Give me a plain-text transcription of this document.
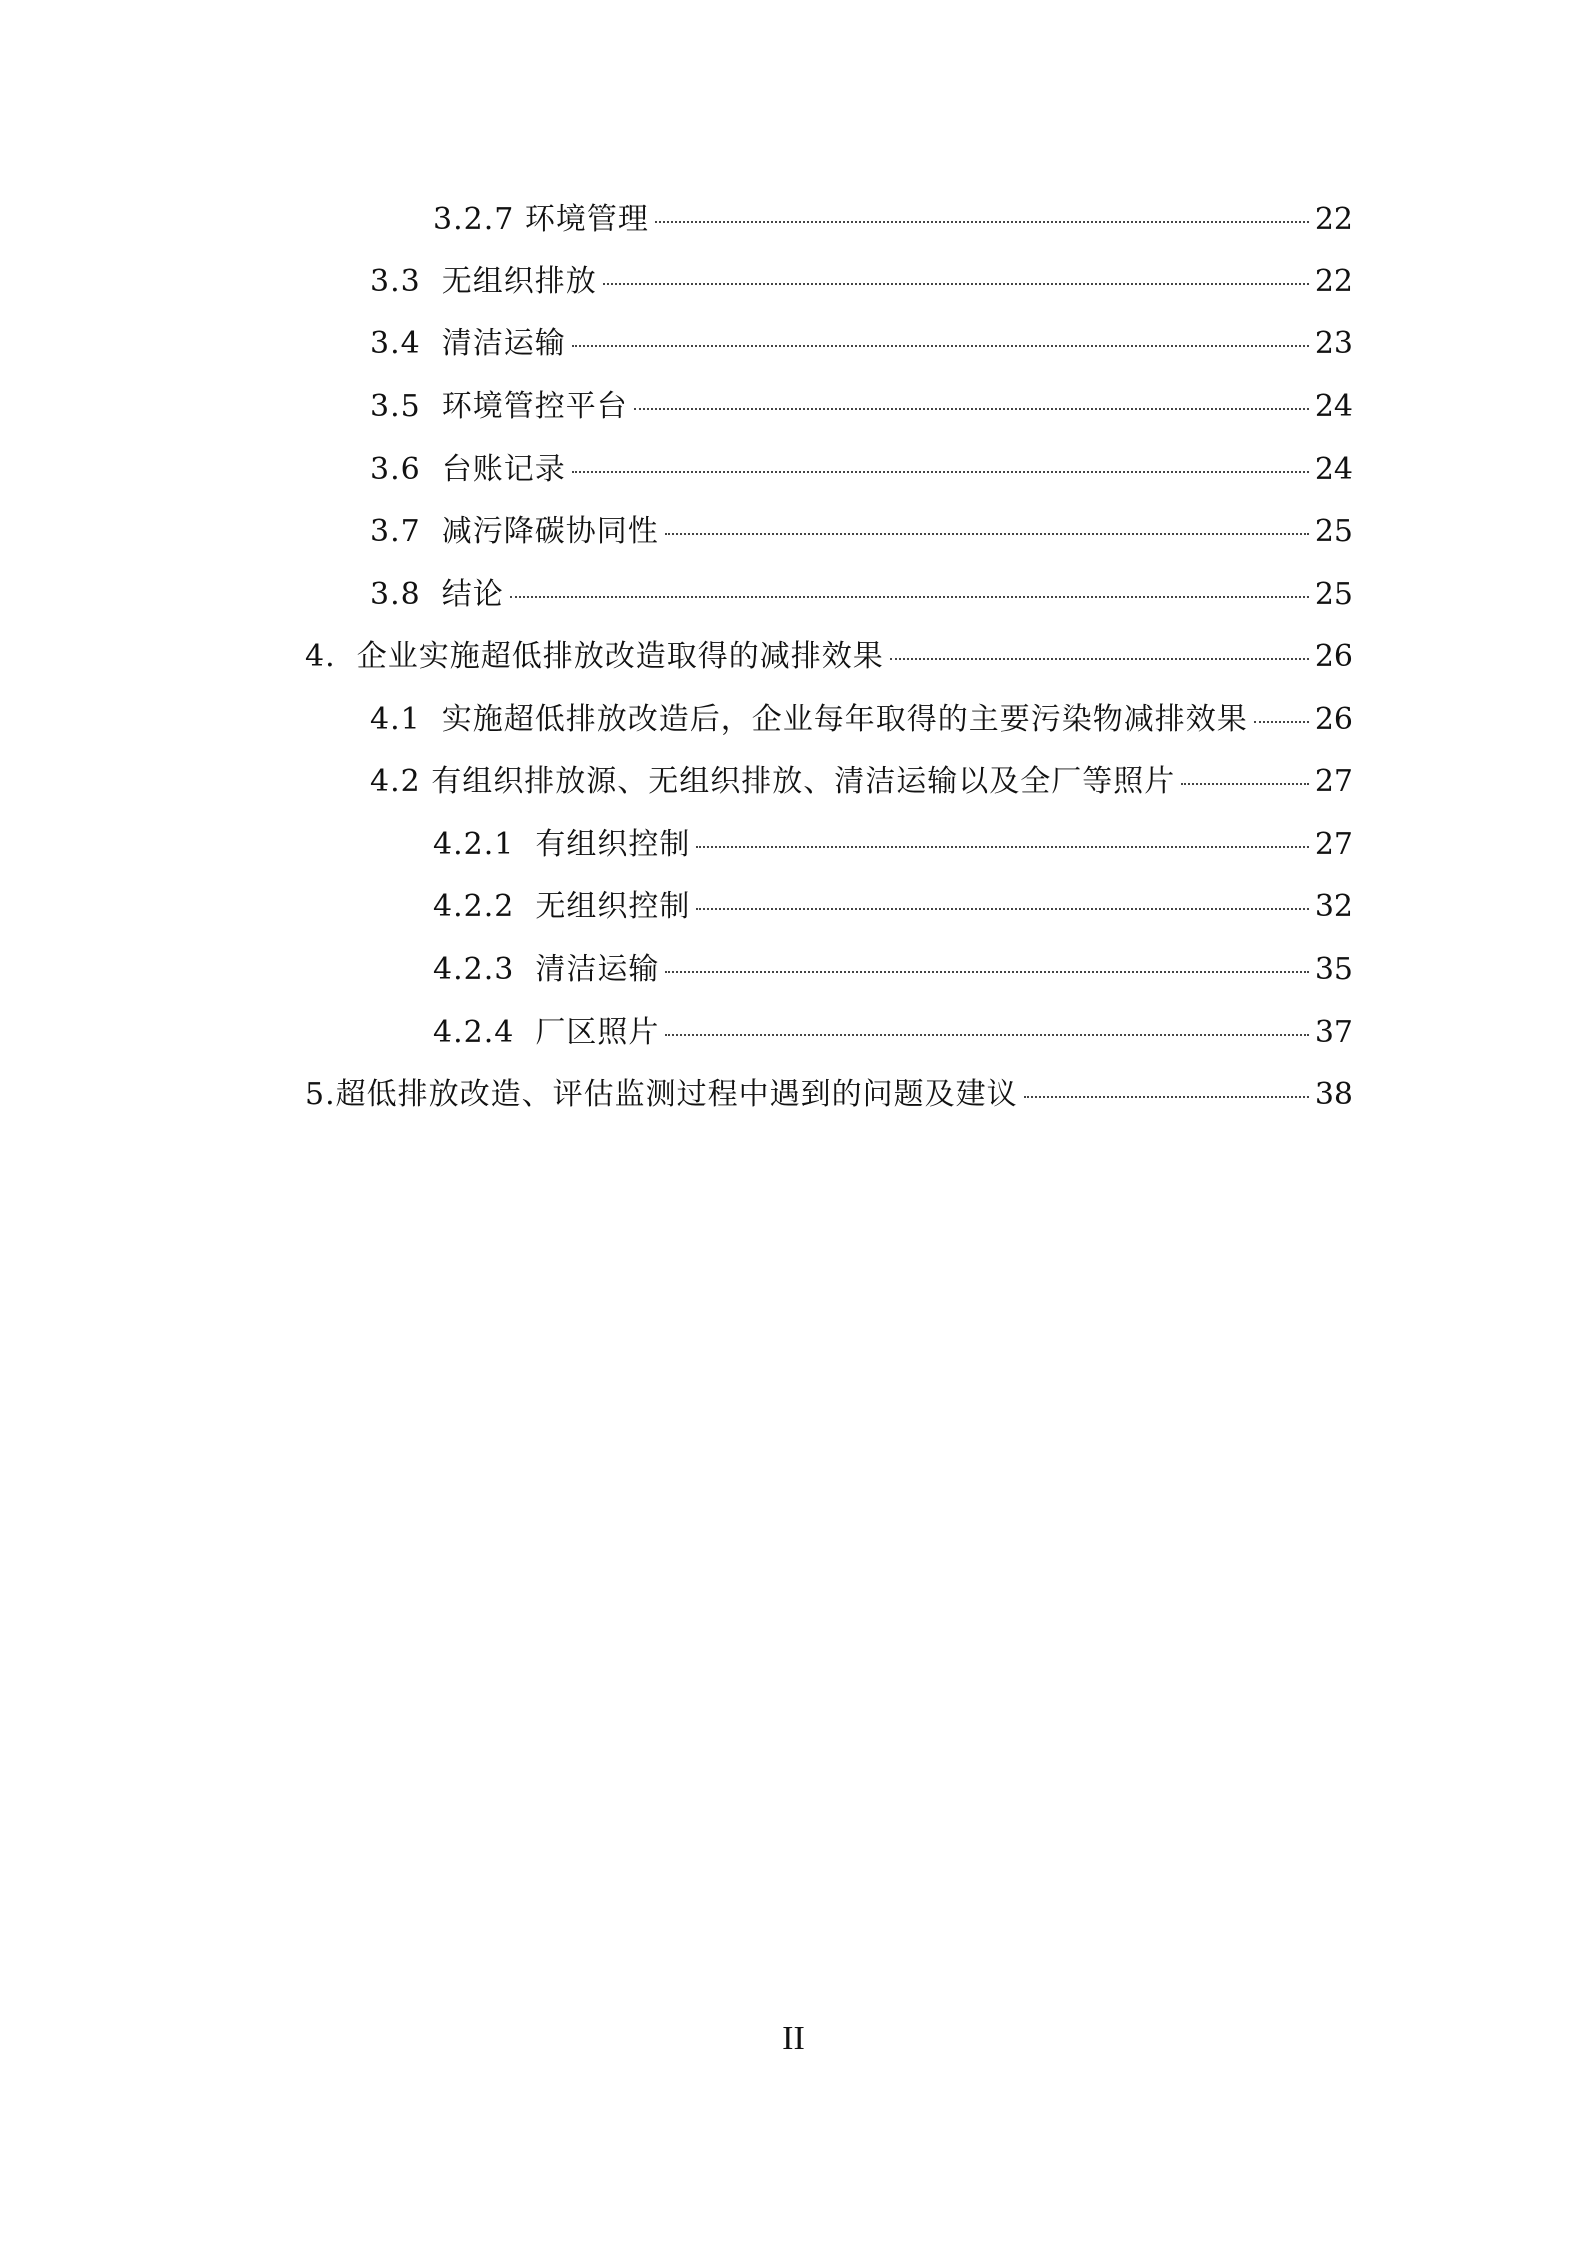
3.2.7 环境管理	22
3.3 无组织排放	22
3.4 清洁运输	23
3.5 环境管控平台	24
3.6 台账记录	24
3.7 减污降碳协同性	25
3.8 结论	25
4. 企业实施超低排放改造取得的减排效果	26
4.1 实施超低排放改造后，企业每年取得的主要污染物减排效果 26
4.2 有组织排放源、无组织排放、清洁运输以及全厂等照片	27
4.2.1 有组织控制	27
4.2.2 无组织控制	32
4.2.3 清洁运输	35
4.2.4 厂区照片	37
5.超低排放改造、评估监测过程中遇到的问题及建议	38
II
